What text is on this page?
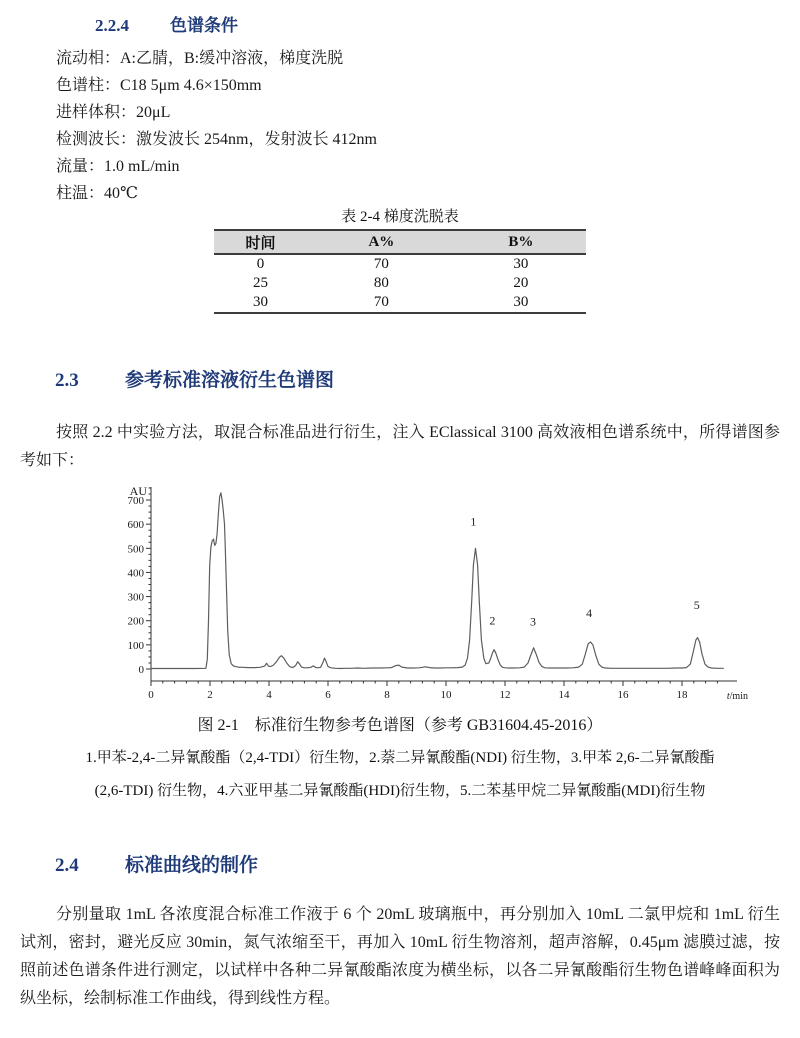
2.2.4 色谱条件

流动相：A:乙腈，B:缓冲溶液，梯度洗脱

色谱柱：C18 5μm 4.6×150mm

进样体积：20μL

检测波长：激发波长 254nm，发射波长 412nm

流量：1.0 mL/min

柱温：40℃

表 2-4 梯度洗脱表
时间	A%	B%
0	70	30
25	80	20
30	70	30
2.3 参考标准溶液衍生色谱图

按照 2.2 中实验方法，取混合标准品进行衍生，注入 EClassical 3100 高效液相色谱系统中，所得谱图参考如下：

0
100
200
300
400
500
600
700
0	2	4	6	8	10	12	14	16	18
AU
t/min
1
2	3
4
5
图 2-1　标准衍生物参考色谱图（参考 GB31604.45-2016）
1.甲苯-2,4-二异氰酸酯（2,4-TDI）衍生物，2.萘二异氰酸酯(NDI) 衍生物，3.甲苯 2,6-二异氰酸酯
(2,6-TDI) 衍生物，4.六亚甲基二异氰酸酯(HDI)衍生物，5.二苯基甲烷二异氰酸酯(MDI)衍生物
2.4 标准曲线的制作

分别量取 1mL 各浓度混合标准工作液于 6 个 20mL 玻璃瓶中，再分别加入 10mL 二氯甲烷和 1mL 衍生试剂，密封，避光反应 30min，氮气浓缩至干，再加入 10mL 衍生物溶剂，超声溶解，0.45μm 滤膜过滤，按照前述色谱条件进行测定，以试样中各种二异氰酸酯浓度为横坐标，以各二异氰酸酯衍生物色谱峰峰面积为纵坐标，绘制标准工作曲线，得到线性方程。
